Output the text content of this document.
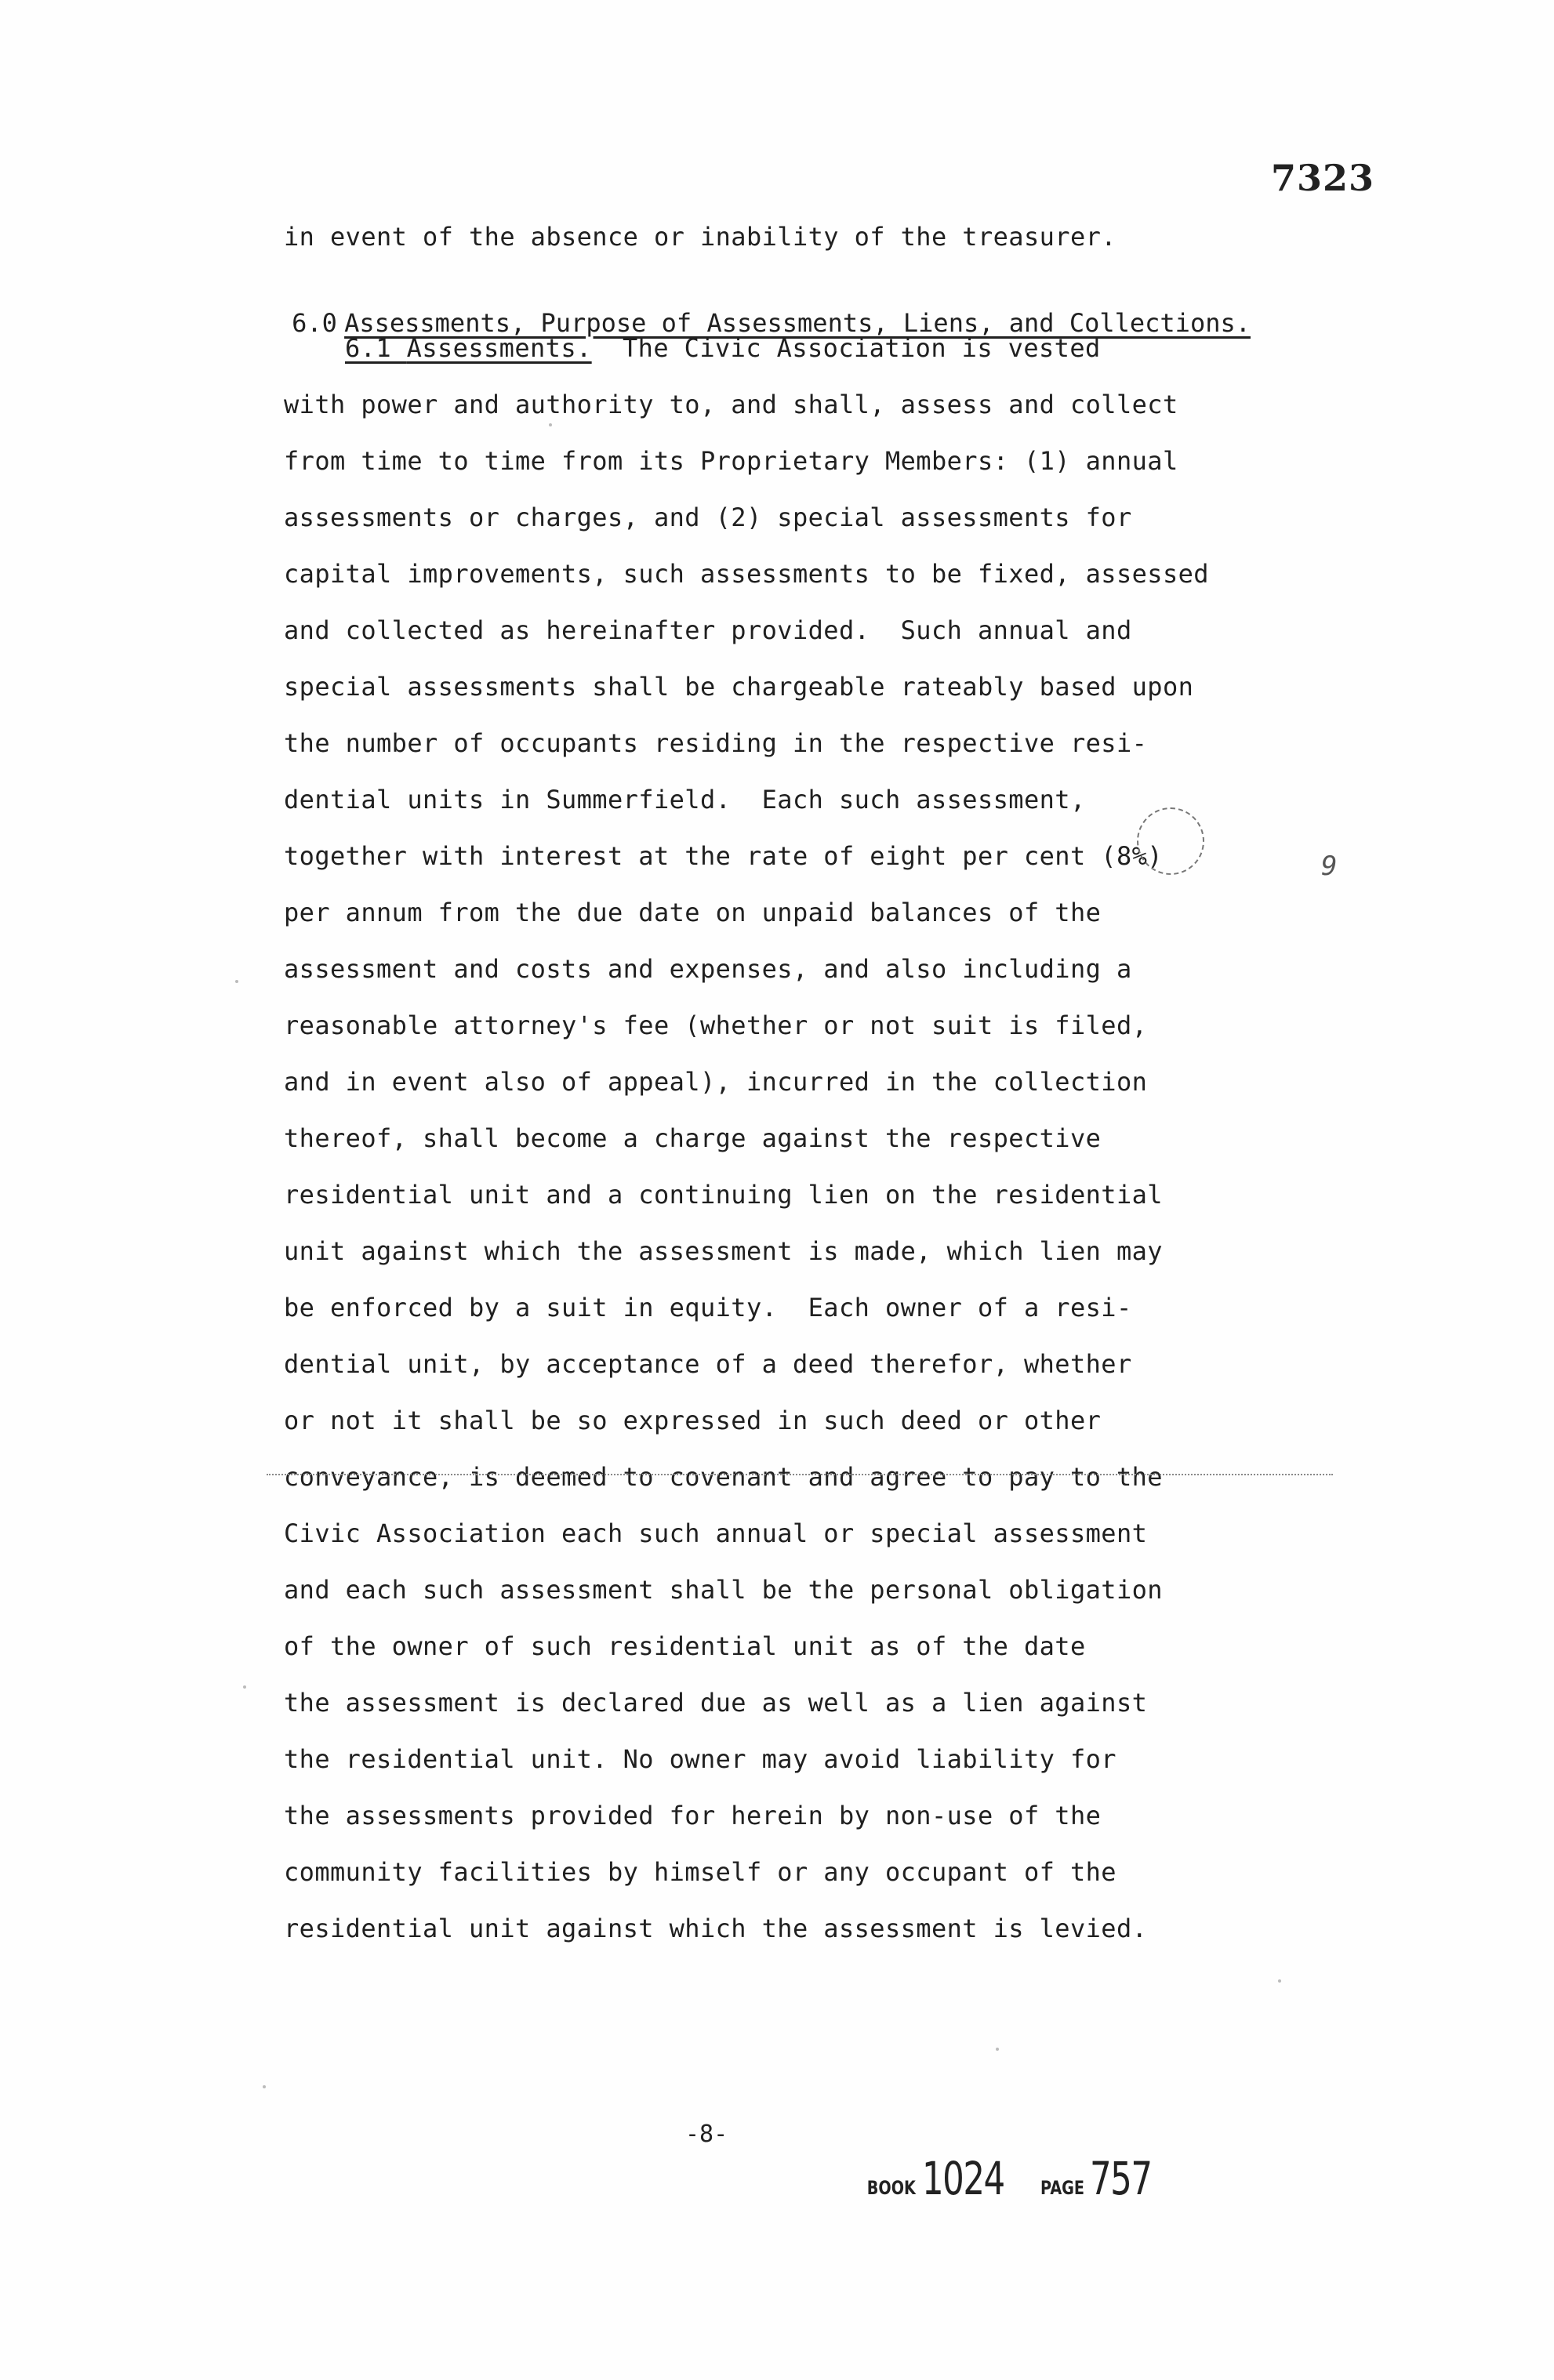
7323
in event of the absence or inability of the treasurer.

6.0 Assessments, Purpose of Assessments, Liens, and Collections.

6.1 Assessments. The Civic Association is vested
with power and authority to, and shall, assess and collect
from time to time from its Proprietary Members: (1) annual
assessments or charges, and (2) special assessments for
capital improvements, such assessments to be fixed, assessed
and collected as hereinafter provided.  Such annual and
special assessments shall be chargeable rateably based upon
the number of occupants residing in the respective resi-
dential units in Summerfield.  Each such assessment,
together with interest at the rate of eight per cent (8%)
per annum from the due date on unpaid balances of the
assessment and costs and expenses, and also including a
reasonable attorney's fee (whether or not suit is filed,
and in event also of appeal), incurred in the collection
thereof, shall become a charge against the respective
residential unit and a continuing lien on the residential
unit against which the assessment is made, which lien may
be enforced by a suit in equity.  Each owner of a resi-
dential unit, by acceptance of a deed therefor, whether
or not it shall be so expressed in such deed or other
conveyance, is deemed to covenant and agree to pay to the
Civic Association each such annual or special assessment
and each such assessment shall be the personal obligation
of the owner of such residential unit as of the date
the assessment is declared due as well as a lien against
the residential unit. No owner may avoid liability for
the assessments provided for herein by non-use of the
community facilities by himself or any occupant of the
residential unit against which the assessment is levied.
9
-8-
BOOK 1024 PAGE 757
